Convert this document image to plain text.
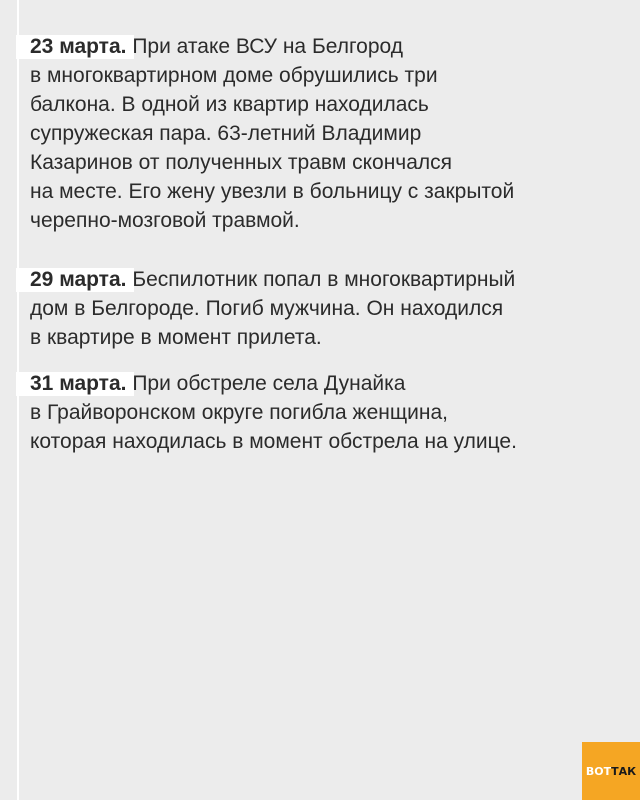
23 марта. При атаке ВСУ на Белгород
в многоквартирном доме обрушились три
балкона. В одной из квартир находилась
супружеская пара. 63-летний Владимир
Казаринов от полученных травм скончался
на месте. Его жену увезли в больницу с закрытой
черепно-мозговой травмой.

29 марта. Беспилотник попал в многоквартирный
дом в Белгороде. Погиб мужчина. Он находился
в квартире в момент прилета.

31 марта. При обстреле села Дунайка
в Грайворонском округе погибла женщина,
которая находилась в момент обстрела на улице.

ВОТ ТАК
